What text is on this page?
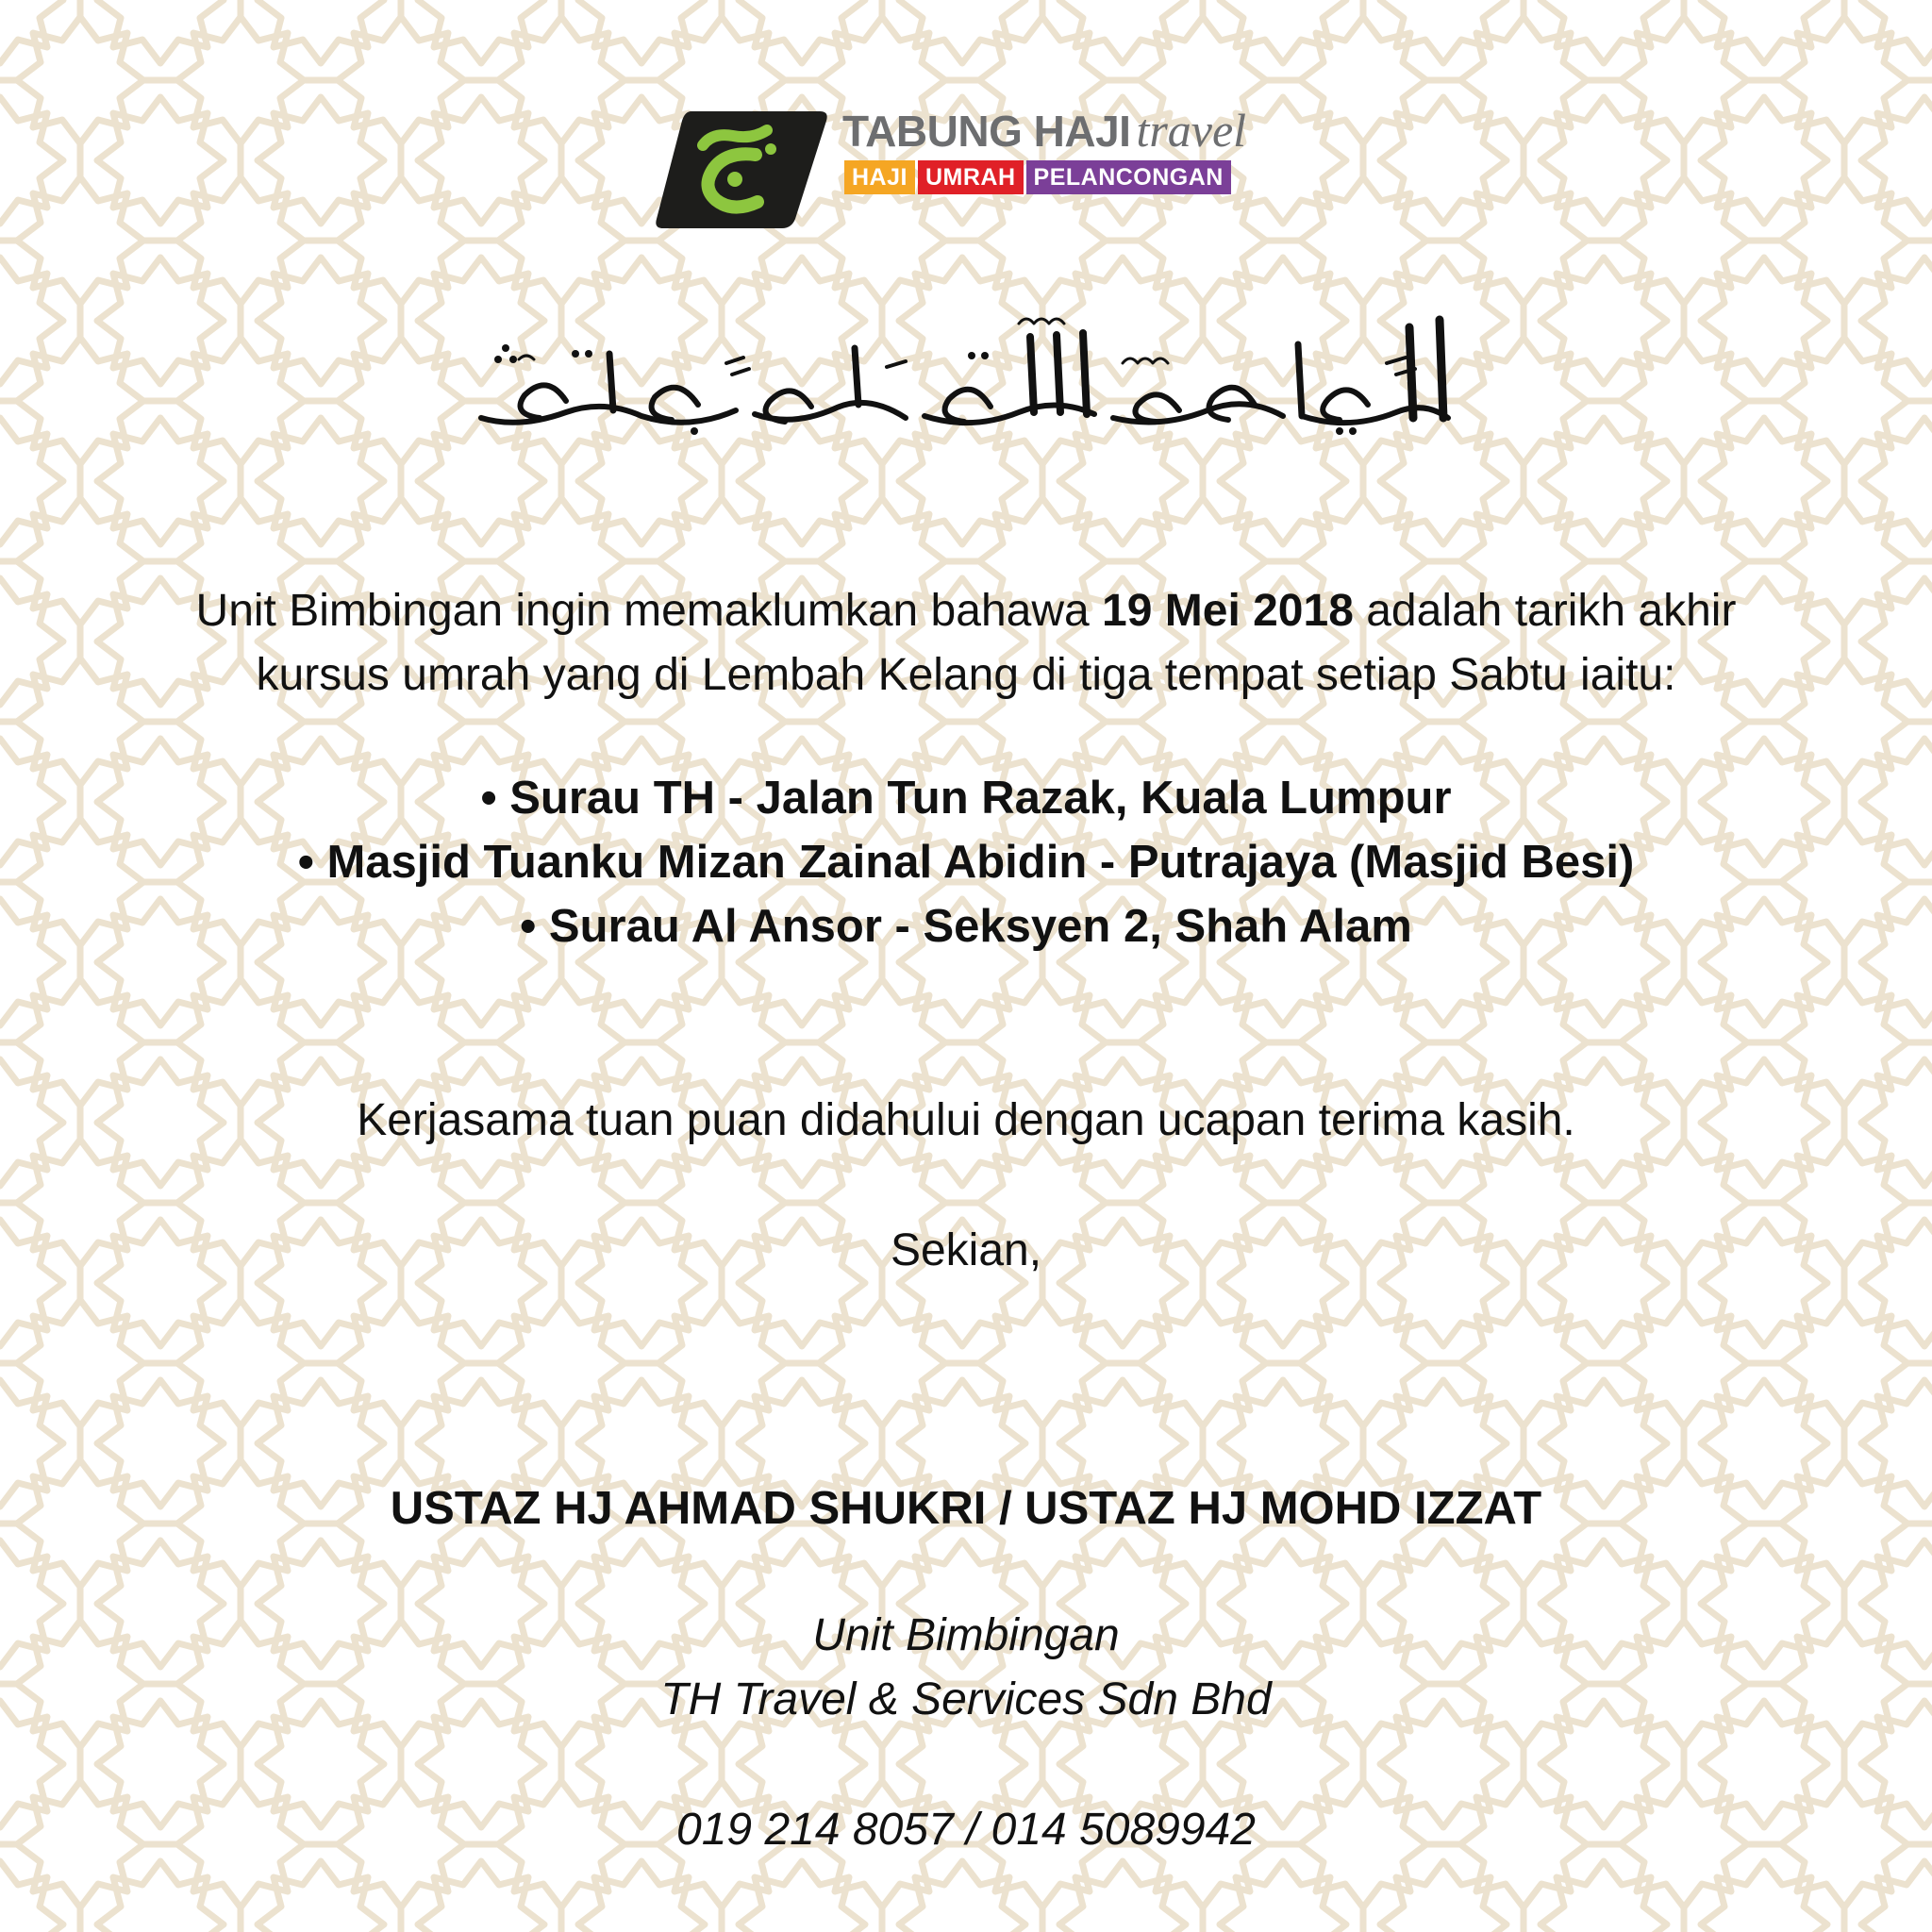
TABUNG HAJI travel
HAJI UMRAH PELANCONGAN
Unit Bimbingan ingin memaklumkan bahawa 19 Mei 2018 adalah tarikh akhir
kursus umrah yang di Lembah Kelang di tiga tempat setiap Sabtu iaitu:
• Surau TH - Jalan Tun Razak, Kuala Lumpur
• Masjid Tuanku Mizan Zainal Abidin - Putrajaya (Masjid Besi)
• Surau Al Ansor - Seksyen 2, Shah Alam
Kerjasama tuan puan didahului dengan ucapan terima kasih.
Sekian,
USTAZ HJ AHMAD SHUKRI / USTAZ HJ MOHD IZZAT
Unit Bimbingan
TH Travel & Services Sdn Bhd
019 214 8057 / 014 5089942
